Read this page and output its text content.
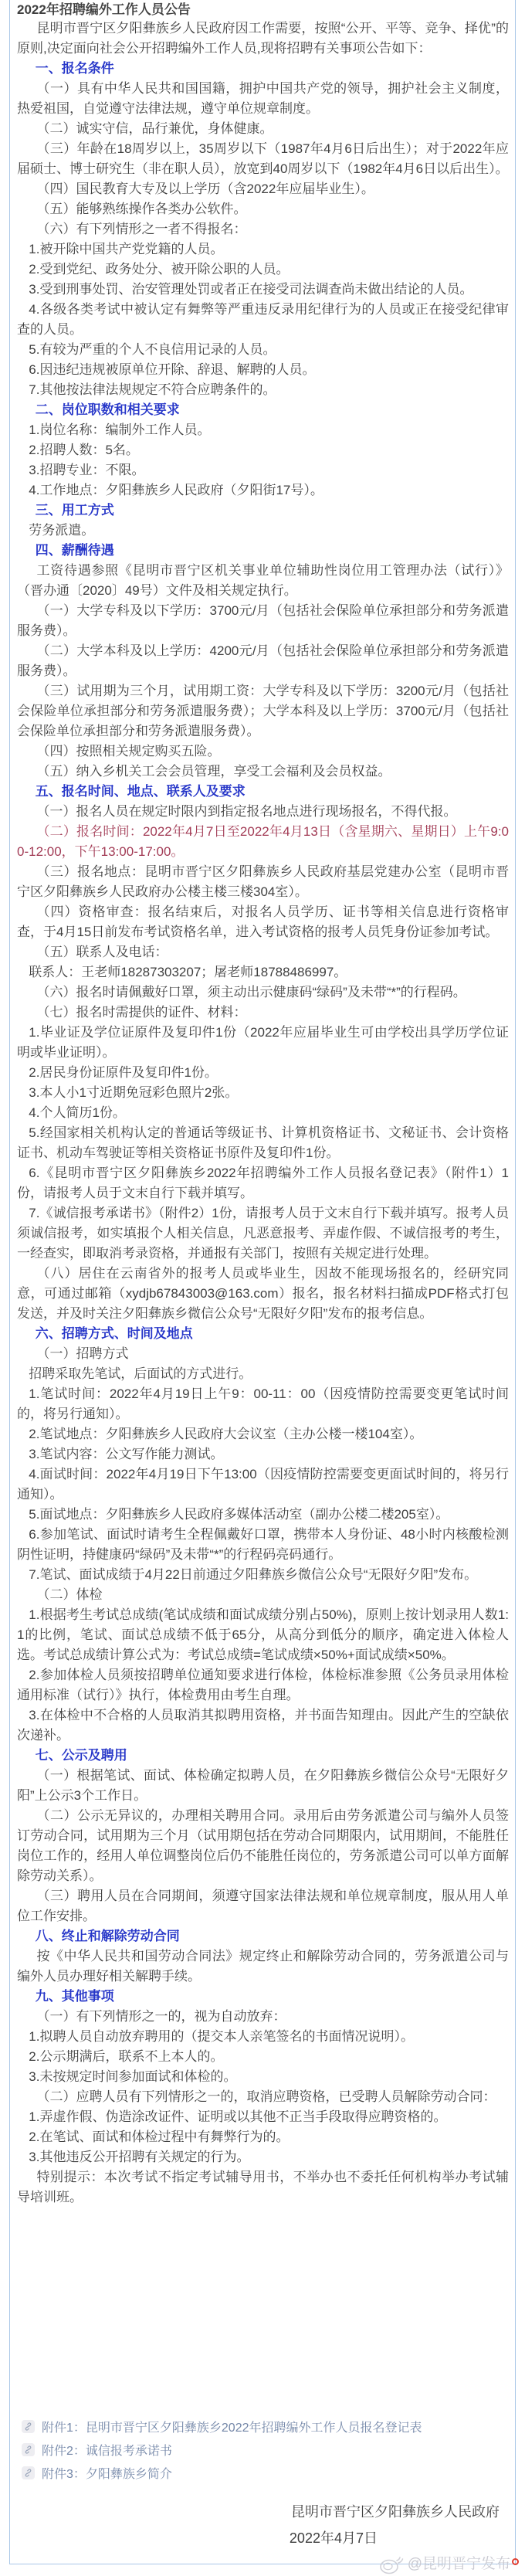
2022年招聘编外工作人员公告

昆明市晋宁区夕阳彝族乡人民政府因工作需要，按照“公开、平等、竞争、择优”的原则,决定面向社会公开招聘编外工作人员,现将招聘有关事项公告如下：

一、报名条件

（一）具有中华人民共和国国籍，拥护中国共产党的领导，拥护社会主义制度，热爱祖国，自觉遵守法律法规，遵守单位规章制度。

（二）诚实守信，品行兼优，身体健康。

（三）年龄在18周岁以上，35周岁以下（1987年4月6日后出生）；对于2022年应届硕士、博士研究生（非在职人员），放宽到40周岁以下（1982年4月6日以后出生）。

（四）国民教育大专及以上学历（含2022年应届毕业生）。

（五）能够熟练操作各类办公软件。

（六）有下列情形之一者不得报名：

1.被开除中国共产党党籍的人员。

2.受到党纪、政务处分、被开除公职的人员。

3.受到刑事处罚、治安管理处罚或者正在接受司法调查尚未做出结论的人员。

4.各级各类考试中被认定有舞弊等严重违反录用纪律行为的人员或正在接受纪律审查的人员。

5.有较为严重的个人不良信用记录的人员。

6.因违纪违规被原单位开除、辞退、解聘的人员。

7.其他按法律法规规定不符合应聘条件的。

二、岗位职数和相关要求

1.岗位名称：编制外工作人员。

2.招聘人数：5名。

3.招聘专业：不限。

4.工作地点：夕阳彝族乡人民政府（夕阳街17号）。

三、用工方式

劳务派遣。

四、薪酬待遇

工资待遇参照《昆明市晋宁区机关事业单位辅助性岗位用工管理办法（试行）》（晋办通〔2020〕49号）文件及相关规定执行。

（一）大学专科及以下学历：3700元/月（包括社会保险单位承担部分和劳务派遣服务费）。

（二）大学本科及以上学历：4200元/月（包括社会保险单位承担部分和劳务派遣服务费）。

（三）试用期为三个月，试用期工资：大学专科及以下学历：3200元/月（包括社会保险单位承担部分和劳务派遣服务费）；大学本科及以上学历：3700元/月（包括社会保险单位承担部分和劳务派遣服务费）。

（四）按照相关规定购买五险。

（五）纳入乡机关工会会员管理，享受工会福利及会员权益。

五、报名时间、地点、联系人及要求

（一）报名人员在规定时限内到指定报名地点进行现场报名，不得代报。

（二）报名时间：2022年4月7日至2022年4月13日（含星期六、星期日）上午9:00-12:00，下午13:00-17:00。

（三）报名地点：昆明市晋宁区夕阳彝族乡人民政府基层党建办公室（昆明市晋宁区夕阳彝族乡人民政府办公楼主楼三楼304室）。

（四）资格审查：报名结束后，对报名人员学历、证书等相关信息进行资格审查，于4月15日前发布考试资格名单，进入考试资格的报考人员凭身份证参加考试。

（五）联系人及电话：

联系人：王老师18287303207；屠老师18788486997。

（六）报名时请佩戴好口罩，须主动出示健康码“绿码”及未带“*”的行程码。

（七）报名时需提供的证件、材料：

1.毕业证及学位证原件及复印件1份（2022年应届毕业生可由学校出具学历学位证明或毕业证明）。

2.居民身份证原件及复印件1份。

3.本人小1寸近期免冠彩色照片2张。

4.个人简历1份。

5.经国家相关机构认定的普通话等级证书、计算机资格证书、文秘证书、会计资格证书、机动车驾驶证等相关资格证书原件及复印件1份。

6.《昆明市晋宁区夕阳彝族乡2022年招聘编外工作人员报名登记表》（附件1）1份，请报考人员于文末自行下载并填写。

7.《诚信报考承诺书》（附件2）1份，请报考人员于文末自行下载并填写。报考人员须诚信报考，如实填报个人相关信息，凡恶意报考、弄虚作假、不诚信报考的考生，一经查实，即取消考录资格，并通报有关部门，按照有关规定进行处理。

（八）居住在云南省外的报考人员或毕业生，因故不能现场报名的，经研究同意，可通过邮箱（xydjb67843003@163.com）报名，报名材料扫描成PDF格式打包发送，并及时关注夕阳彝族乡微信公众号“无限好夕阳”发布的报考信息。

六、招聘方式、时间及地点

（一）招聘方式

招聘采取先笔试，后面试的方式进行。

1.笔试时间：2022年4月19日上午9：00-11：00（因疫情防控需要变更笔试时间的，将另行通知）。

2.笔试地点：夕阳彝族乡人民政府大会议室（主办公楼一楼104室）。

3.笔试内容：公文写作能力测试。

4.面试时间：2022年4月19日下午13:00（因疫情防控需要变更面试时间的，将另行通知）。

5.面试地点：夕阳彝族乡人民政府多媒体活动室（副办公楼二楼205室）。

6.参加笔试、面试时请考生全程佩戴好口罩，携带本人身份证、48小时内核酸检测阴性证明，持健康码“绿码”及未带“*”的行程码亮码通行。

7.笔试、面试成绩于4月22日前通过夕阳彝族乡微信公众号“无限好夕阳”发布。

（二）体检

1.根据考生考试总成绩(笔试成绩和面试成绩分别占50%)，原则上按计划录用人数1:1的比例，笔试、面试总成绩不低于65分，从高分到低分的顺序，确定进入体检人选。考试总成绩计算公式为：考试总成绩=笔试成绩×50%+面试成绩×50%。

2.参加体检人员须按招聘单位通知要求进行体检，体检标准参照《公务员录用体检通用标准（试行）》执行，体检费用由考生自理。

3.在体检中不合格的人员取消其拟聘用资格，并书面告知理由。因此产生的空缺依次递补。

七、公示及聘用

（一）根据笔试、面试、体检确定拟聘人员，在夕阳彝族乡微信公众号“无限好夕阳”上公示3个工作日。

（二）公示无异议的，办理相关聘用合同。录用后由劳务派遣公司与编外人员签订劳动合同，试用期为三个月（试用期包括在劳动合同期限内，试用期间，不能胜任岗位工作的，经用人单位调整岗位后仍不能胜任岗位的，劳务派遣公司可以单方面解除劳动关系）。

（三）聘用人员在合同期间，须遵守国家法律法规和单位规章制度，服从用人单位工作安排。

八、终止和解除劳动合同

按《中华人民共和国劳动合同法》规定终止和解除劳动合同的，劳务派遣公司与编外人员办理好相关解聘手续。

九、其他事项

（一）有下列情形之一的，视为自动放弃：

1.拟聘人员自动放弃聘用的（提交本人亲笔签名的书面情况说明）。

2.公示期满后，联系不上本人的。

3.未按规定时间参加面试和体检的。

（二）应聘人员有下列情形之一的，取消应聘资格，已受聘人员解除劳动合同：

1.弄虚作假、伪造涂改证件、证明或以其他不正当手段取得应聘资格的。

2.在笔试、面试和体检过程中有舞弊行为的。

3.其他违反公开招聘有关规定的行为。

特别提示：本次考试不指定考试辅导用书，不举办也不委托任何机构举办考试辅导培训班。

附件1：昆明市晋宁区夕阳彝族乡2022年招聘编外工作人员报名登记表
附件2：诚信报考承诺书
附件3：夕阳彝族乡简介
昆明市晋宁区夕阳彝族乡人民政府
2022年4月7日
@昆明晋宁发布
